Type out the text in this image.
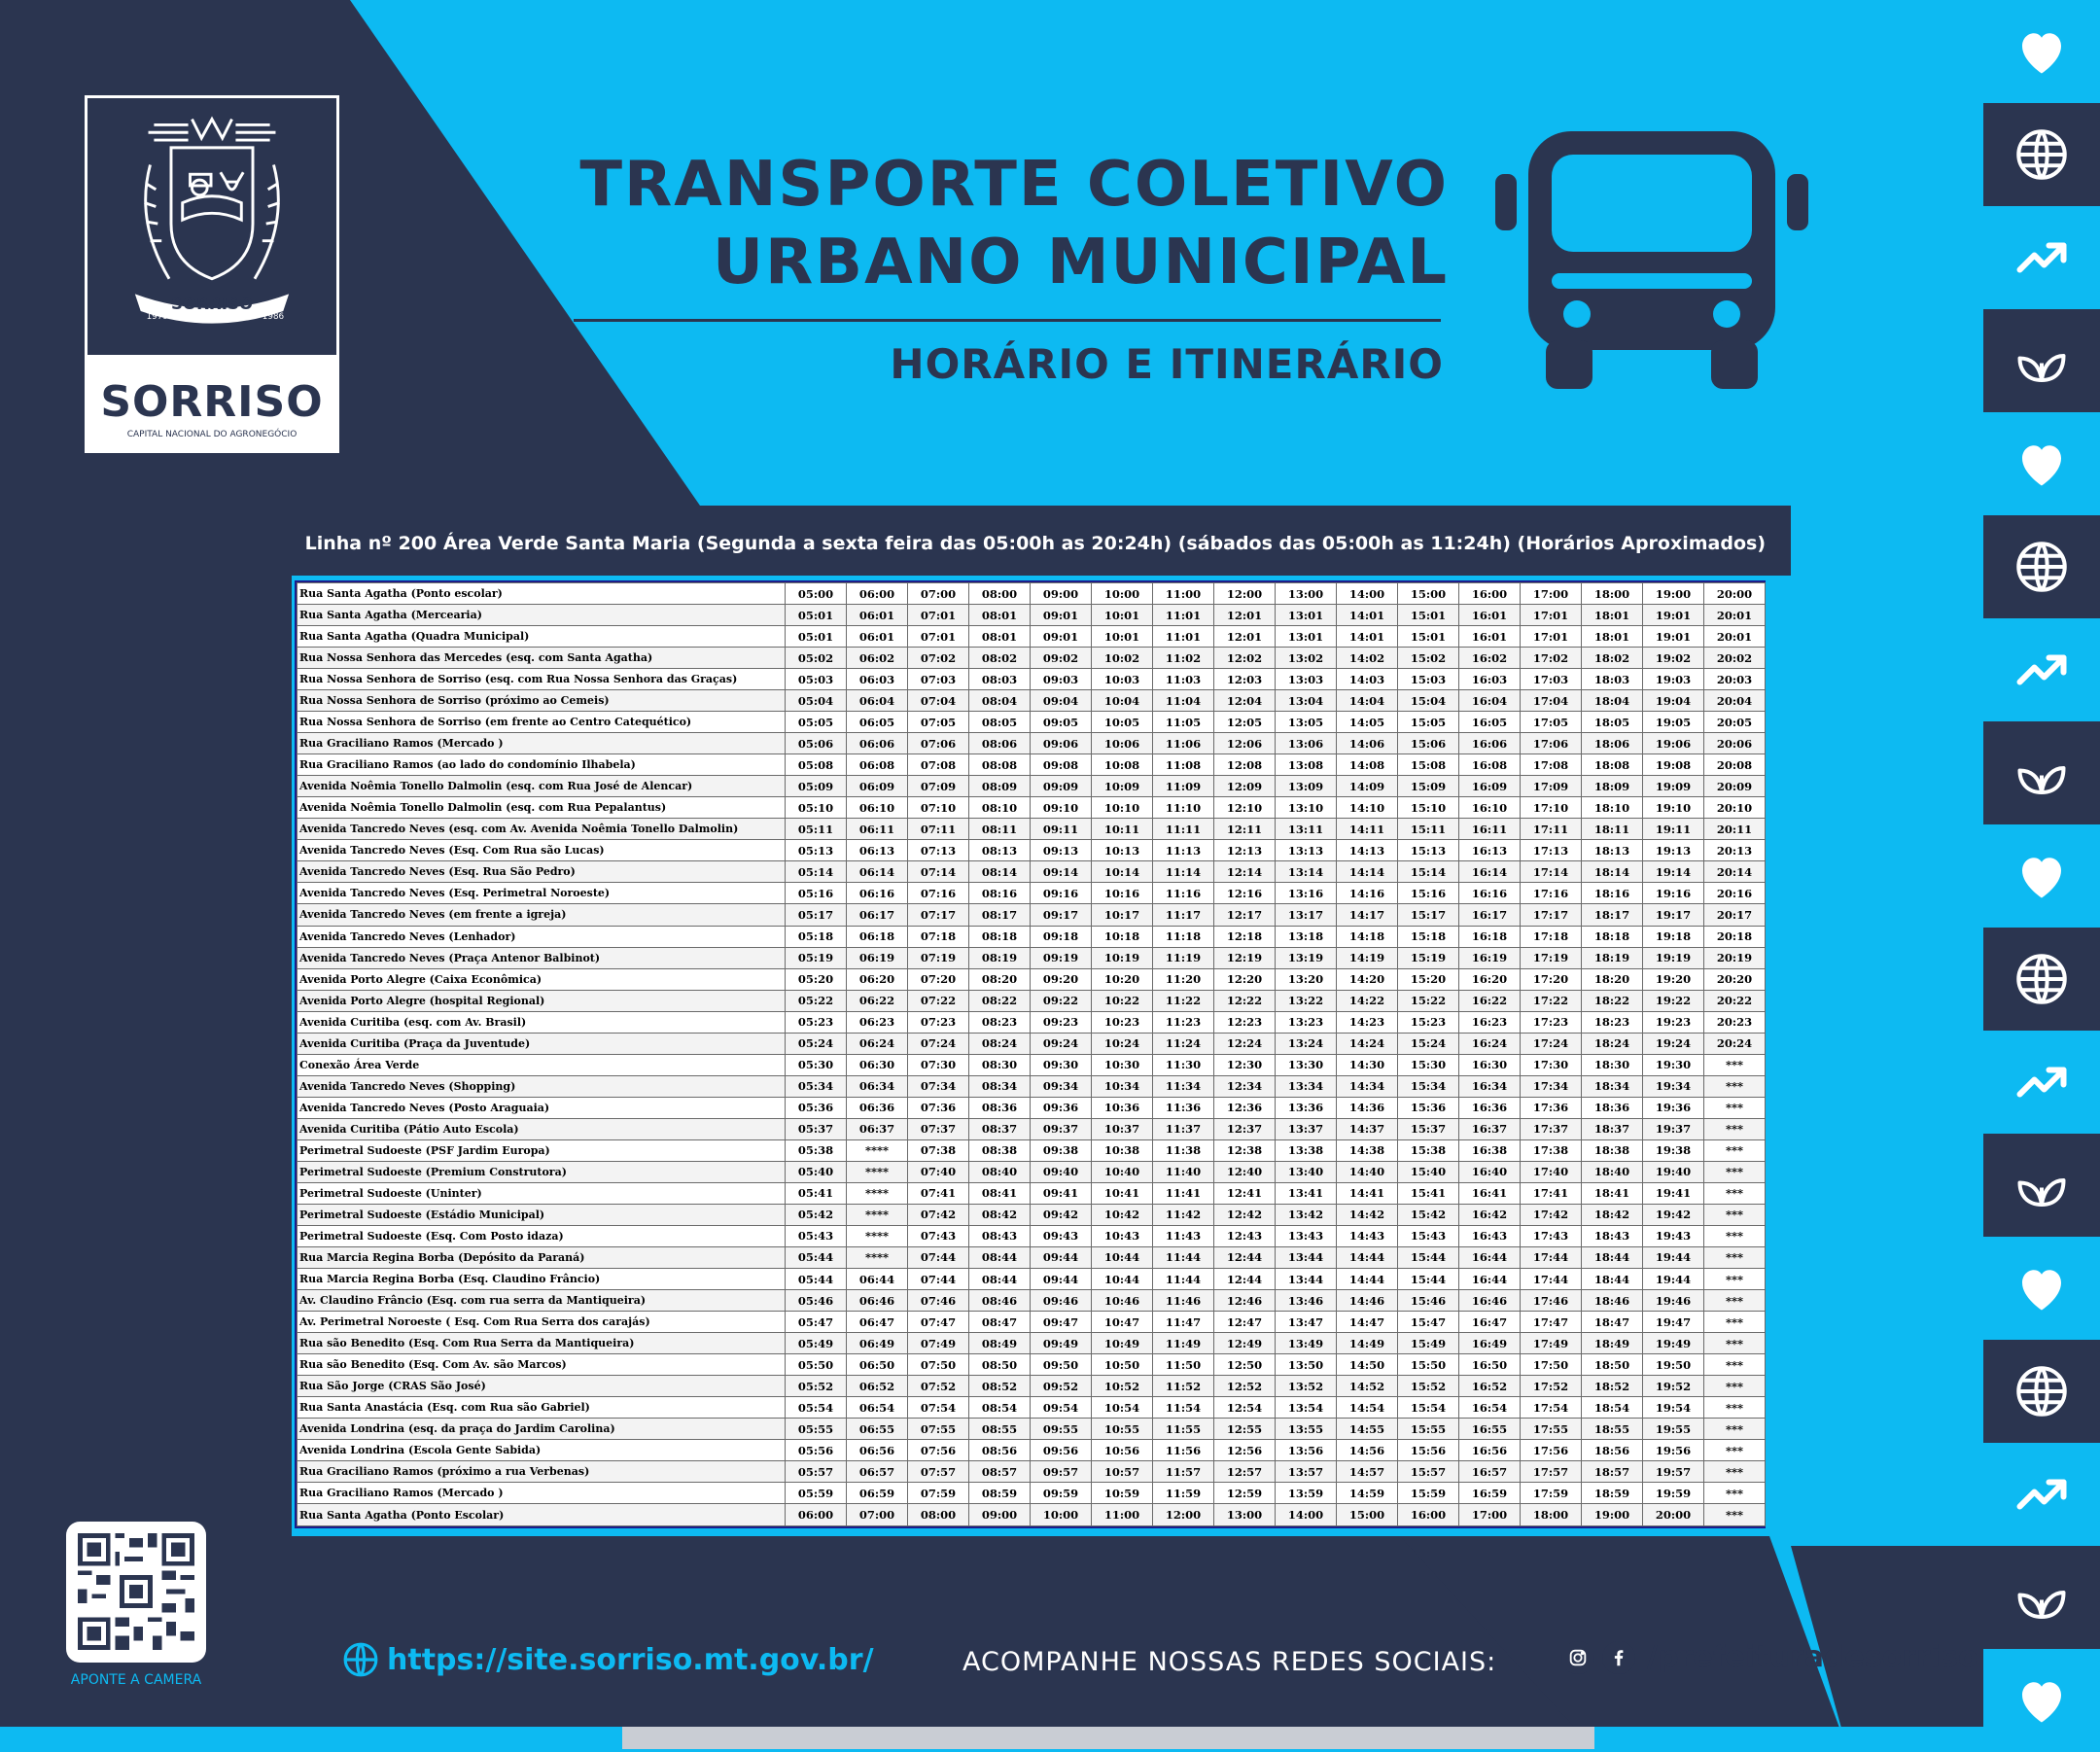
SORRISO
1979	1986
SORRISO
CAPITAL NACIONAL DO AGRONEGÓCIO
TRANSPORTE COLETIVO
URBANO MUNICIPAL
HORÁRIO E ITINERÁRIO
Linha nº 200 Área Verde Santa Maria (Segunda a sexta feira das 05:00h as 20:24h) (sábados das 05:00h as 11:24h) (Horários Aproximados)
Rua Santa Agatha (Ponto escolar)	05:00	06:00	07:00	08:00	09:00	10:00	11:00	12:00	13:00	14:00	15:00	16:00	17:00	18:00	19:00	20:00
Rua Santa Agatha (Mercearia)	05:01	06:01	07:01	08:01	09:01	10:01	11:01	12:01	13:01	14:01	15:01	16:01	17:01	18:01	19:01	20:01
Rua Santa Agatha (Quadra Municipal)	05:01	06:01	07:01	08:01	09:01	10:01	11:01	12:01	13:01	14:01	15:01	16:01	17:01	18:01	19:01	20:01
Rua Nossa Senhora das Mercedes (esq. com Santa Agatha)	05:02	06:02	07:02	08:02	09:02	10:02	11:02	12:02	13:02	14:02	15:02	16:02	17:02	18:02	19:02	20:02
Rua Nossa Senhora de Sorriso (esq. com Rua Nossa Senhora das Graças)	05:03	06:03	07:03	08:03	09:03	10:03	11:03	12:03	13:03	14:03	15:03	16:03	17:03	18:03	19:03	20:03
Rua Nossa Senhora de Sorriso (próximo ao Cemeis)	05:04	06:04	07:04	08:04	09:04	10:04	11:04	12:04	13:04	14:04	15:04	16:04	17:04	18:04	19:04	20:04
Rua Nossa Senhora de Sorriso (em frente ao Centro Catequético)	05:05	06:05	07:05	08:05	09:05	10:05	11:05	12:05	13:05	14:05	15:05	16:05	17:05	18:05	19:05	20:05
Rua Graciliano Ramos (Mercado )	05:06	06:06	07:06	08:06	09:06	10:06	11:06	12:06	13:06	14:06	15:06	16:06	17:06	18:06	19:06	20:06
Rua Graciliano Ramos (ao lado do condomínio Ilhabela)	05:08	06:08	07:08	08:08	09:08	10:08	11:08	12:08	13:08	14:08	15:08	16:08	17:08	18:08	19:08	20:08
Avenida Noêmia Tonello Dalmolin (esq. com Rua José de Alencar)	05:09	06:09	07:09	08:09	09:09	10:09	11:09	12:09	13:09	14:09	15:09	16:09	17:09	18:09	19:09	20:09
Avenida Noêmia Tonello Dalmolin (esq. com Rua Pepalantus)	05:10	06:10	07:10	08:10	09:10	10:10	11:10	12:10	13:10	14:10	15:10	16:10	17:10	18:10	19:10	20:10
Avenida Tancredo Neves (esq. com Av. Avenida Noêmia Tonello Dalmolin)	05:11	06:11	07:11	08:11	09:11	10:11	11:11	12:11	13:11	14:11	15:11	16:11	17:11	18:11	19:11	20:11
Avenida Tancredo Neves (Esq. Com Rua são Lucas)	05:13	06:13	07:13	08:13	09:13	10:13	11:13	12:13	13:13	14:13	15:13	16:13	17:13	18:13	19:13	20:13
Avenida Tancredo Neves (Esq. Rua São Pedro)	05:14	06:14	07:14	08:14	09:14	10:14	11:14	12:14	13:14	14:14	15:14	16:14	17:14	18:14	19:14	20:14
Avenida Tancredo Neves (Esq. Perimetral Noroeste)	05:16	06:16	07:16	08:16	09:16	10:16	11:16	12:16	13:16	14:16	15:16	16:16	17:16	18:16	19:16	20:16
Avenida Tancredo Neves (em frente a igreja)	05:17	06:17	07:17	08:17	09:17	10:17	11:17	12:17	13:17	14:17	15:17	16:17	17:17	18:17	19:17	20:17
Avenida Tancredo Neves (Lenhador)	05:18	06:18	07:18	08:18	09:18	10:18	11:18	12:18	13:18	14:18	15:18	16:18	17:18	18:18	19:18	20:18
Avenida Tancredo Neves (Praça Antenor Balbinot)	05:19	06:19	07:19	08:19	09:19	10:19	11:19	12:19	13:19	14:19	15:19	16:19	17:19	18:19	19:19	20:19
Avenida Porto Alegre (Caixa Econômica)	05:20	06:20	07:20	08:20	09:20	10:20	11:20	12:20	13:20	14:20	15:20	16:20	17:20	18:20	19:20	20:20
Avenida Porto Alegre (hospital Regional)	05:22	06:22	07:22	08:22	09:22	10:22	11:22	12:22	13:22	14:22	15:22	16:22	17:22	18:22	19:22	20:22
Avenida Curitiba (esq. com Av. Brasil)	05:23	06:23	07:23	08:23	09:23	10:23	11:23	12:23	13:23	14:23	15:23	16:23	17:23	18:23	19:23	20:23
Avenida Curitiba (Praça da Juventude)	05:24	06:24	07:24	08:24	09:24	10:24	11:24	12:24	13:24	14:24	15:24	16:24	17:24	18:24	19:24	20:24
Conexão Área Verde	05:30	06:30	07:30	08:30	09:30	10:30	11:30	12:30	13:30	14:30	15:30	16:30	17:30	18:30	19:30	***
Avenida Tancredo Neves (Shopping)	05:34	06:34	07:34	08:34	09:34	10:34	11:34	12:34	13:34	14:34	15:34	16:34	17:34	18:34	19:34	***
Avenida Tancredo Neves (Posto Araguaia)	05:36	06:36	07:36	08:36	09:36	10:36	11:36	12:36	13:36	14:36	15:36	16:36	17:36	18:36	19:36	***
Avenida Curitiba (Pátio Auto Escola)	05:37	06:37	07:37	08:37	09:37	10:37	11:37	12:37	13:37	14:37	15:37	16:37	17:37	18:37	19:37	***
Perimetral Sudoeste (PSF Jardim Europa)	05:38	****	07:38	08:38	09:38	10:38	11:38	12:38	13:38	14:38	15:38	16:38	17:38	18:38	19:38	***
Perimetral Sudoeste (Premium Construtora)	05:40	****	07:40	08:40	09:40	10:40	11:40	12:40	13:40	14:40	15:40	16:40	17:40	18:40	19:40	***
Perimetral Sudoeste (Uninter)	05:41	****	07:41	08:41	09:41	10:41	11:41	12:41	13:41	14:41	15:41	16:41	17:41	18:41	19:41	***
Perimetral Sudoeste (Estádio Municipal)	05:42	****	07:42	08:42	09:42	10:42	11:42	12:42	13:42	14:42	15:42	16:42	17:42	18:42	19:42	***
Perimetral Sudoeste (Esq. Com Posto idaza)	05:43	****	07:43	08:43	09:43	10:43	11:43	12:43	13:43	14:43	15:43	16:43	17:43	18:43	19:43	***
Rua Marcia Regina Borba (Depósito da Paraná)	05:44	****	07:44	08:44	09:44	10:44	11:44	12:44	13:44	14:44	15:44	16:44	17:44	18:44	19:44	***
Rua Marcia Regina Borba (Esq. Claudino Frâncio)	05:44	06:44	07:44	08:44	09:44	10:44	11:44	12:44	13:44	14:44	15:44	16:44	17:44	18:44	19:44	***
Av. Claudino Frâncio (Esq. com rua serra da Mantiqueira)	05:46	06:46	07:46	08:46	09:46	10:46	11:46	12:46	13:46	14:46	15:46	16:46	17:46	18:46	19:46	***
Av. Perimetral Noroeste ( Esq. Com Rua Serra dos carajás)	05:47	06:47	07:47	08:47	09:47	10:47	11:47	12:47	13:47	14:47	15:47	16:47	17:47	18:47	19:47	***
Rua são Benedito (Esq. Com Rua Serra da Mantiqueira)	05:49	06:49	07:49	08:49	09:49	10:49	11:49	12:49	13:49	14:49	15:49	16:49	17:49	18:49	19:49	***
Rua são Benedito (Esq. Com Av. são Marcos)	05:50	06:50	07:50	08:50	09:50	10:50	11:50	12:50	13:50	14:50	15:50	16:50	17:50	18:50	19:50	***
Rua São Jorge (CRAS São José)	05:52	06:52	07:52	08:52	09:52	10:52	11:52	12:52	13:52	14:52	15:52	16:52	17:52	18:52	19:52	***
Rua Santa Anastácia (Esq. com Rua são Gabriel)	05:54	06:54	07:54	08:54	09:54	10:54	11:54	12:54	13:54	14:54	15:54	16:54	17:54	18:54	19:54	***
Avenida Londrina (esq. da praça do Jardim Carolina)	05:55	06:55	07:55	08:55	09:55	10:55	11:55	12:55	13:55	14:55	15:55	16:55	17:55	18:55	19:55	***
Avenida Londrina (Escola Gente Sabida)	05:56	06:56	07:56	08:56	09:56	10:56	11:56	12:56	13:56	14:56	15:56	16:56	17:56	18:56	19:56	***
Rua Graciliano Ramos (próximo a rua Verbenas)	05:57	06:57	07:57	08:57	09:57	10:57	11:57	12:57	13:57	14:57	15:57	16:57	17:57	18:57	19:57	***
Rua Graciliano Ramos (Mercado )	05:59	06:59	07:59	08:59	09:59	10:59	11:59	12:59	13:59	14:59	15:59	16:59	17:59	18:59	19:59	***
Rua Santa Agatha (Ponto Escolar)	06:00	07:00	08:00	09:00	10:00	11:00	12:00	13:00	14:00	15:00	16:00	17:00	18:00	19:00	20:00	***
APONTE A CAMERA
https://site.sorriso.mt.gov.br/	ACOMPANHE NOSSAS REDES SOCIAIS:	/prefeituradesorriso
